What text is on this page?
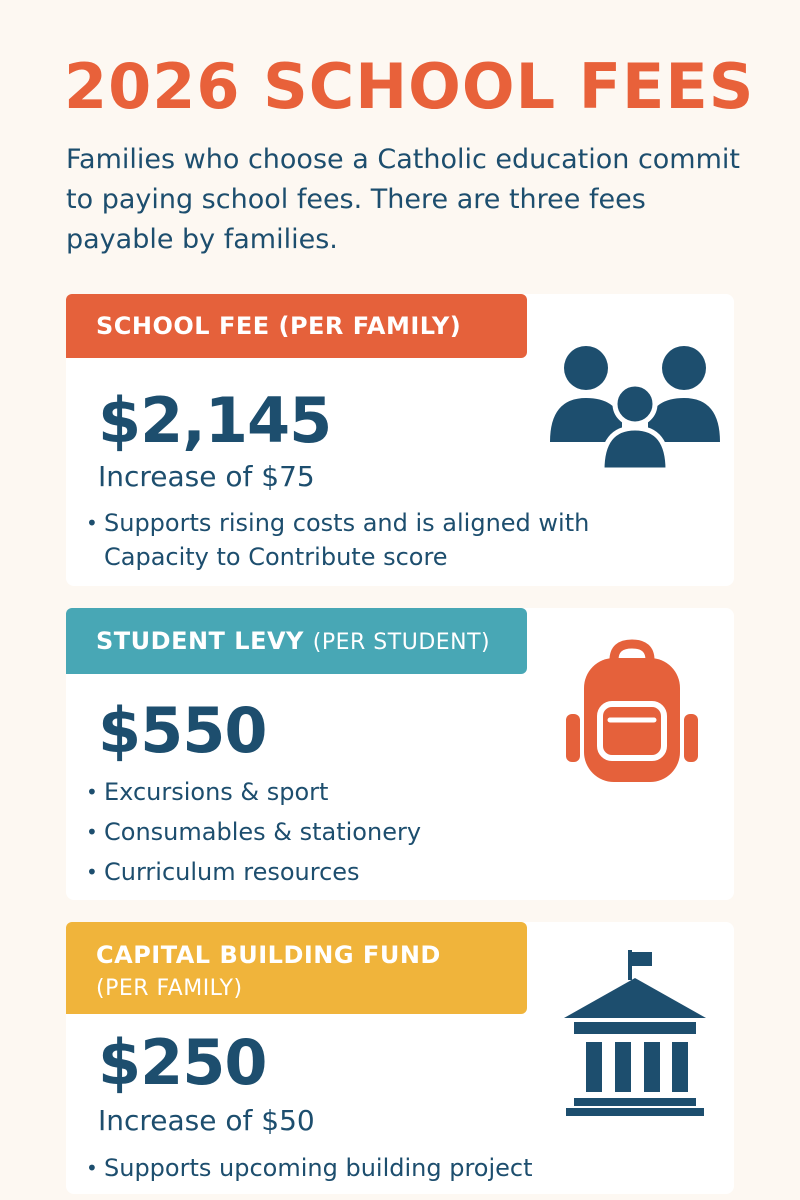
2026 SCHOOL FEES

Families who choose a Catholic education commit to paying school fees. There are three fees payable by families.

SCHOOL FEE (PER FAMILY)
$2,145
Increase of $75
• Supports rising costs and is aligned with Capacity to Contribute score
STUDENT LEVY (PER STUDENT)
$550
• Excursions & sport
• Consumables & stationery
• Curriculum resources
CAPITAL BUILDING FUND
(PER FAMILY)
$250
Increase of $50
• Supports upcoming building project
